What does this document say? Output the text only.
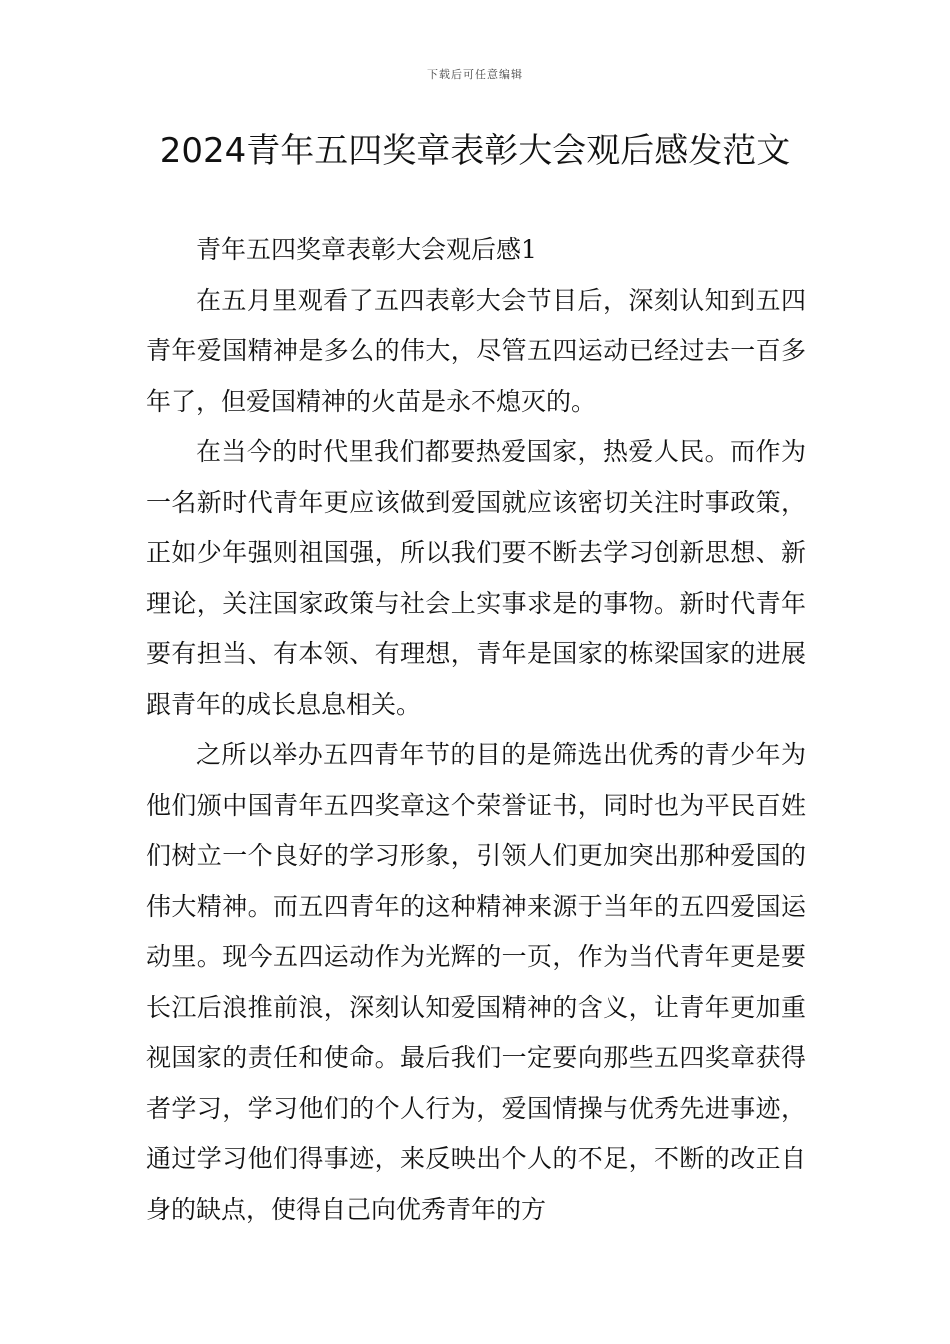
下载后可任意编辑
2024青年五四奖章表彰大会观后感发范文

青年五四奖章表彰大会观后感1

在五月里观看了五四表彰大会节目后，深刻认知到五四青年爱国精神是多么的伟大，尽管五四运动已经过去一百多年了，但爱国精神的火苗是永不熄灭的。

在当今的时代里我们都要热爱国家，热爱人民。而作为一名新时代青年更应该做到爱国就应该密切关注时事政策，正如少年强则祖国强，所以我们要不断去学习创新思想、新理论，关注国家政策与社会上实事求是的事物。新时代青年要有担当、有本领、有理想，青年是国家的栋梁国家的进展跟青年的成长息息相关。

之所以举办五四青年节的目的是筛选出优秀的青少年为他们颁中国青年五四奖章这个荣誉证书，同时也为平民百姓们树立一个良好的学习形象，引领人们更加突出那种爱国的伟大精神。而五四青年的这种精神来源于当年的五四爱国运动里。现今五四运动作为光辉的一页，作为当代青年更是要长江后浪推前浪，深刻认知爱国精神的含义，让青年更加重视国家的责任和使命。最后我们一定要向那些五四奖章获得者学习，学习他们的个人行为，爱国情操与优秀先进事迹，通过学习他们得事迹，来反映出个人的不足，不断的改正自身的缺点，使得自己向优秀青年的方
